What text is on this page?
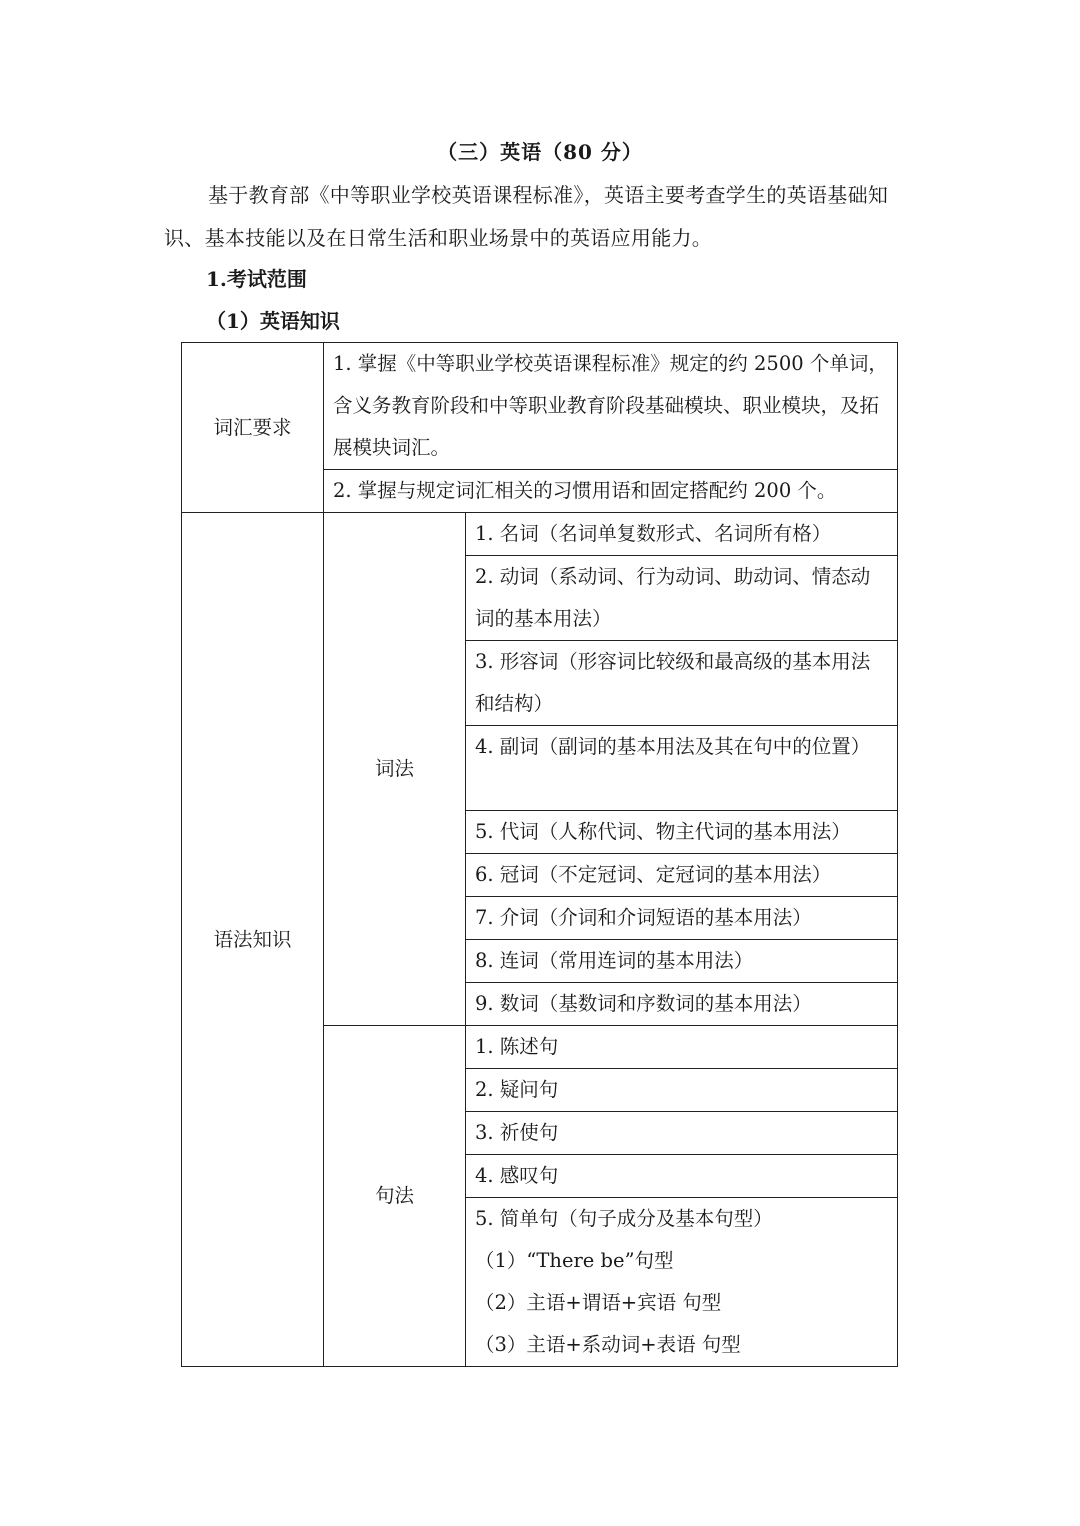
（三）英语（80 分）

基于教育部《中等职业学校英语课程标准》，英语主要考查学生的英语基础知识、基本技能以及在日常生活和职业场景中的英语应用能力。

1.考试范围
（1）英语知识
词汇要求	1. 掌握《中等职业学校英语课程标准》规定的约 2500 个单词，含义务教育阶段和中等职业教育阶段基础模块、职业模块，及拓展模块词汇。	
	2. 掌握与规定词汇相关的习惯用语和固定搭配约 200 个。	
语法知识	词法	1. 名词（名词单复数形式、名词所有格）
		2. 动词（系动词、行为动词、助动词、情态动词的基本用法）
		3. 形容词（形容词比较级和最高级的基本用法和结构）
		4. 副词（副词的基本用法及其在句中的位置）
		5. 代词（人称代词、物主代词的基本用法）
		6. 冠词（不定冠词、定冠词的基本用法）
		7. 介词（介词和介词短语的基本用法）
		8. 连词（常用连词的基本用法）
		9. 数词（基数词和序数词的基本用法）
	句法	1. 陈述句
		2. 疑问句
		3. 祈使句
		4. 感叹句

		5. 简单句（句子成分及基本句型）
（1）“There be”句型
（2）主语+谓语+宾语 句型
（3）主语+系动词+表语 句型
